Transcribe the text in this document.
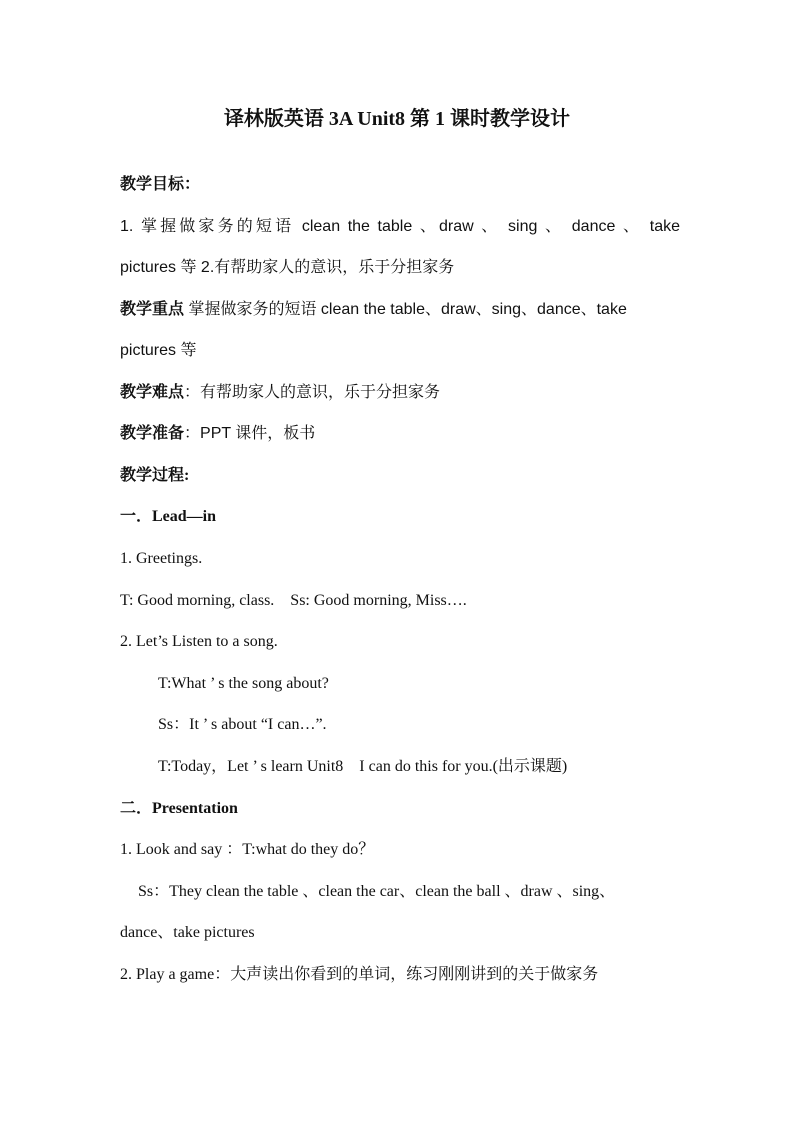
译林版英语 3A Unit8 第 1 课时教学设计
教学目标：
1. 掌握做家务的短语 clean the table 、draw 、 sing 、 dance 、 take
pictures 等 2.有帮助家人的意识，乐于分担家务
教学重点 掌握做家务的短语 clean the table、draw、sing、dance、take
pictures 等
教学难点：有帮助家人的意识，乐于分担家务
教学准备：PPT 课件，板书
教学过程:
一．Lead—in
1. Greetings.
T: Good morning, class.    Ss: Good morning, Miss….
2. Let’s Listen to a song.
T:What ’ s the song about?
Ss：It ’ s about “I can…”.
T:Today，Let ’ s learn Unit8    I can do this for you.(出示课题)
二．Presentation
1. Look and say ：T:what do they do？
Ss：They clean the table 、clean the car、clean the ball 、draw 、sing、
dance、take pictures
2. Play a game：大声读出你看到的单词，练习刚刚讲到的关于做家务
